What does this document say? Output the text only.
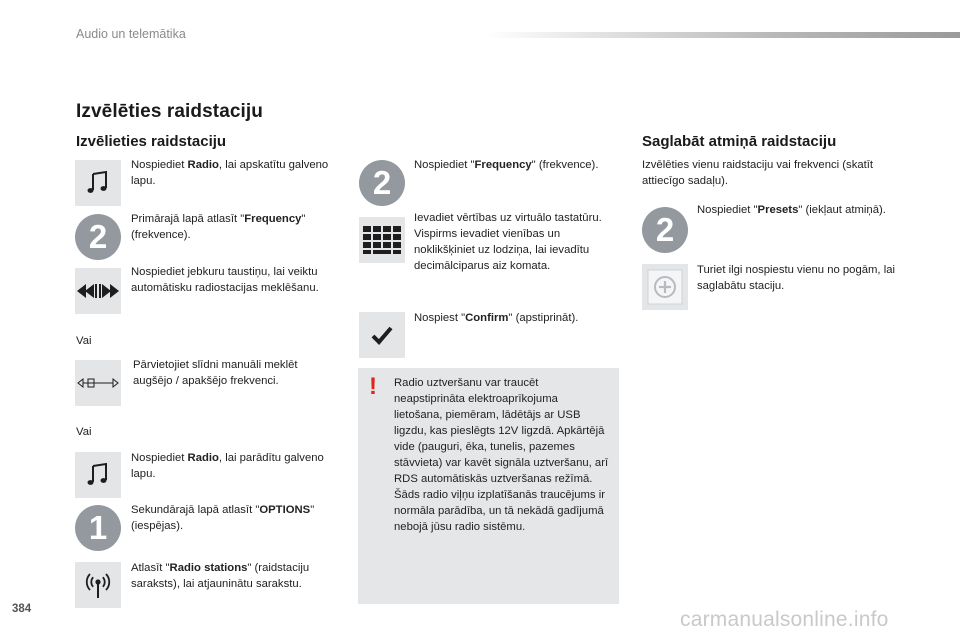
Audio un telemātika
Izvēlēties raidstaciju
Izvēlieties raidstaciju
Nospiediet Radio, lai apskatītu galveno lapu.
2	Primārajā lapā atlasīt "Frequency" (frekvence).
Nospiediet jebkuru taustiņu, lai veiktu automātisku radiostacijas meklēšanu.
Vai
Pārvietojiet slīdni manuāli meklēt augšējo / apakšējo frekvenci.
Vai
Nospiediet Radio, lai parādītu galveno lapu.
1	Sekundārajā lapā atlasīt "OPTIONS" (iespējas).
Atlasīt "Radio stations" (raidstaciju saraksts), lai atjauninātu sarakstu.
2	Nospiediet "Frequency" (frekvence).
Ievadiet vērtības uz virtuālo tastatūru.
Vispirms ievadiet vienības un noklikšķiniet uz lodziņa, lai ievadītu decimālciparus aiz komata.
Nospiest "Confirm" (apstiprināt).
! Radio uztveršanu var traucēt neapstiprināta elektroaprīkojuma lietošana, piemēram, lādētājs ar USB ligzdu, kas pieslēgts 12V ligzdā. Apkārtējā vide (pauguri, ēka, tunelis, pazemes stāvvieta) var kavēt signāla uztveršanu, arī RDS automātiskās uztveršanas režīmā. Šāds radio viļņu izplatīšanās traucējums ir normāla parādība, un tā nekādā gadījumā nebojā jūsu radio sistēmu.
Saglabāt atmiņā raidstaciju
Izvēlēties vienu raidstaciju vai frekvenci (skatīt attiecīgo sadaļu).
2
Nospiediet "Presets" (iekļaut atmiņā).
Turiet ilgi nospiestu vienu no pogām, lai saglabātu staciju.
384	carmanualsonline.info
